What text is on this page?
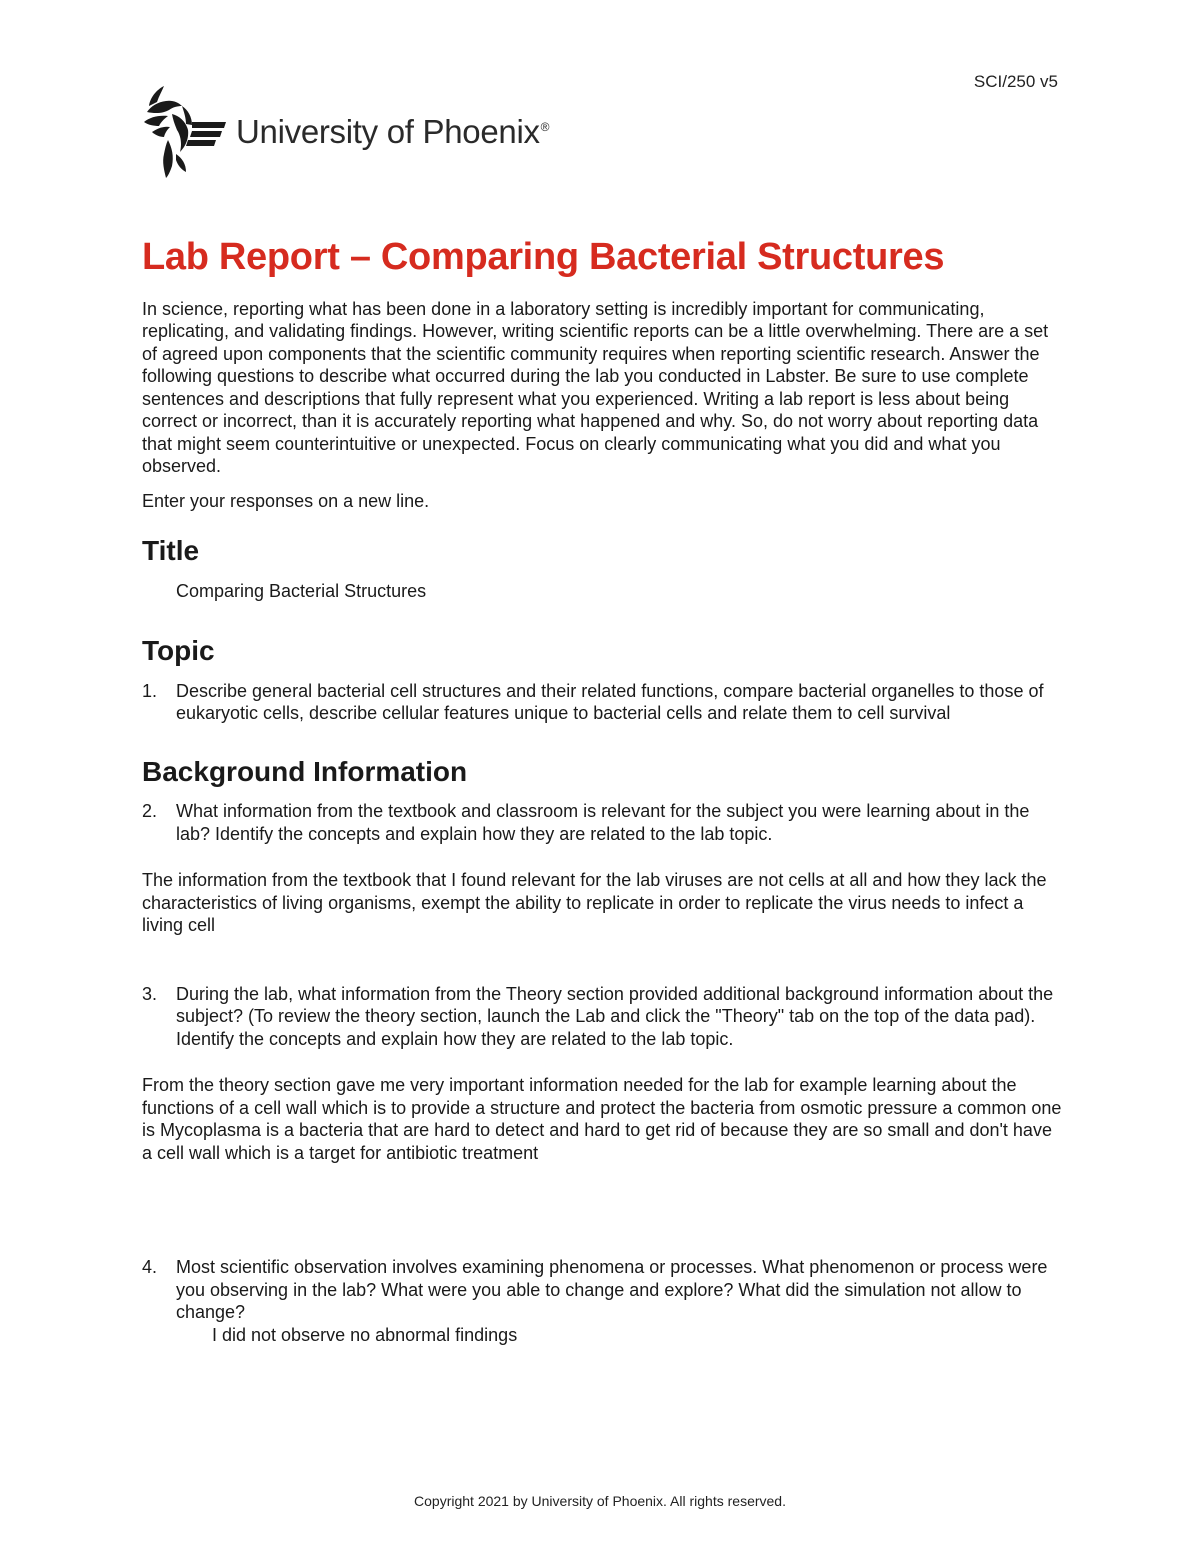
SCI/250 v5
University of Phoenix®
Lab Report – Comparing Bacterial Structures

In science, reporting what has been done in a laboratory setting is incredibly important for communicating, replicating, and validating findings. However, writing scientific reports can be a little overwhelming. There are a set of agreed upon components that the scientific community requires when reporting scientific research. Answer the following questions to describe what occurred during the lab you conducted in Labster. Be sure to use complete sentences and descriptions that fully represent what you experienced. Writing a lab report is less about being correct or incorrect, than it is accurately reporting what happened and why. So, do not worry about reporting data that might seem counterintuitive or unexpected. Focus on clearly communicating what you did and what you observed.

Enter your responses on a new line.

Title

Comparing Bacterial Structures

Topic
1.	Describe general bacterial cell structures and their related functions, compare bacterial organelles to those of eukaryotic cells, describe cellular features unique to bacterial cells and relate them to cell survival
Background Information
2.	What information from the textbook and classroom is relevant for the subject you were learning about in the lab? Identify the concepts and explain how they are related to the lab topic.

The information from the textbook that I found relevant for the lab viruses are not cells at all and how they lack the characteristics of living organisms, exempt the ability to replicate in order to replicate the virus needs to infect a living cell

3.	During the lab, what information from the Theory section provided additional background information about the subject? (To review the theory section, launch the Lab and click the "Theory" tab on the top of the data pad). Identify the concepts and explain how they are related to the lab topic.

From the theory section gave me very important information needed for the lab for example learning about the functions of a cell wall which is to provide a structure and protect the bacteria from osmotic pressure a common one is Mycoplasma is a bacteria that are hard to detect and hard to get rid of because they are so small and don't have a cell wall which is a target for antibiotic treatment

4.	Most scientific observation involves examining phenomena or processes. What phenomenon or process were you observing in the lab? What were you able to change and explore? What did the simulation not allow to change?
I did not observe no abnormal findings
Copyright 2021 by University of Phoenix. All rights reserved.
